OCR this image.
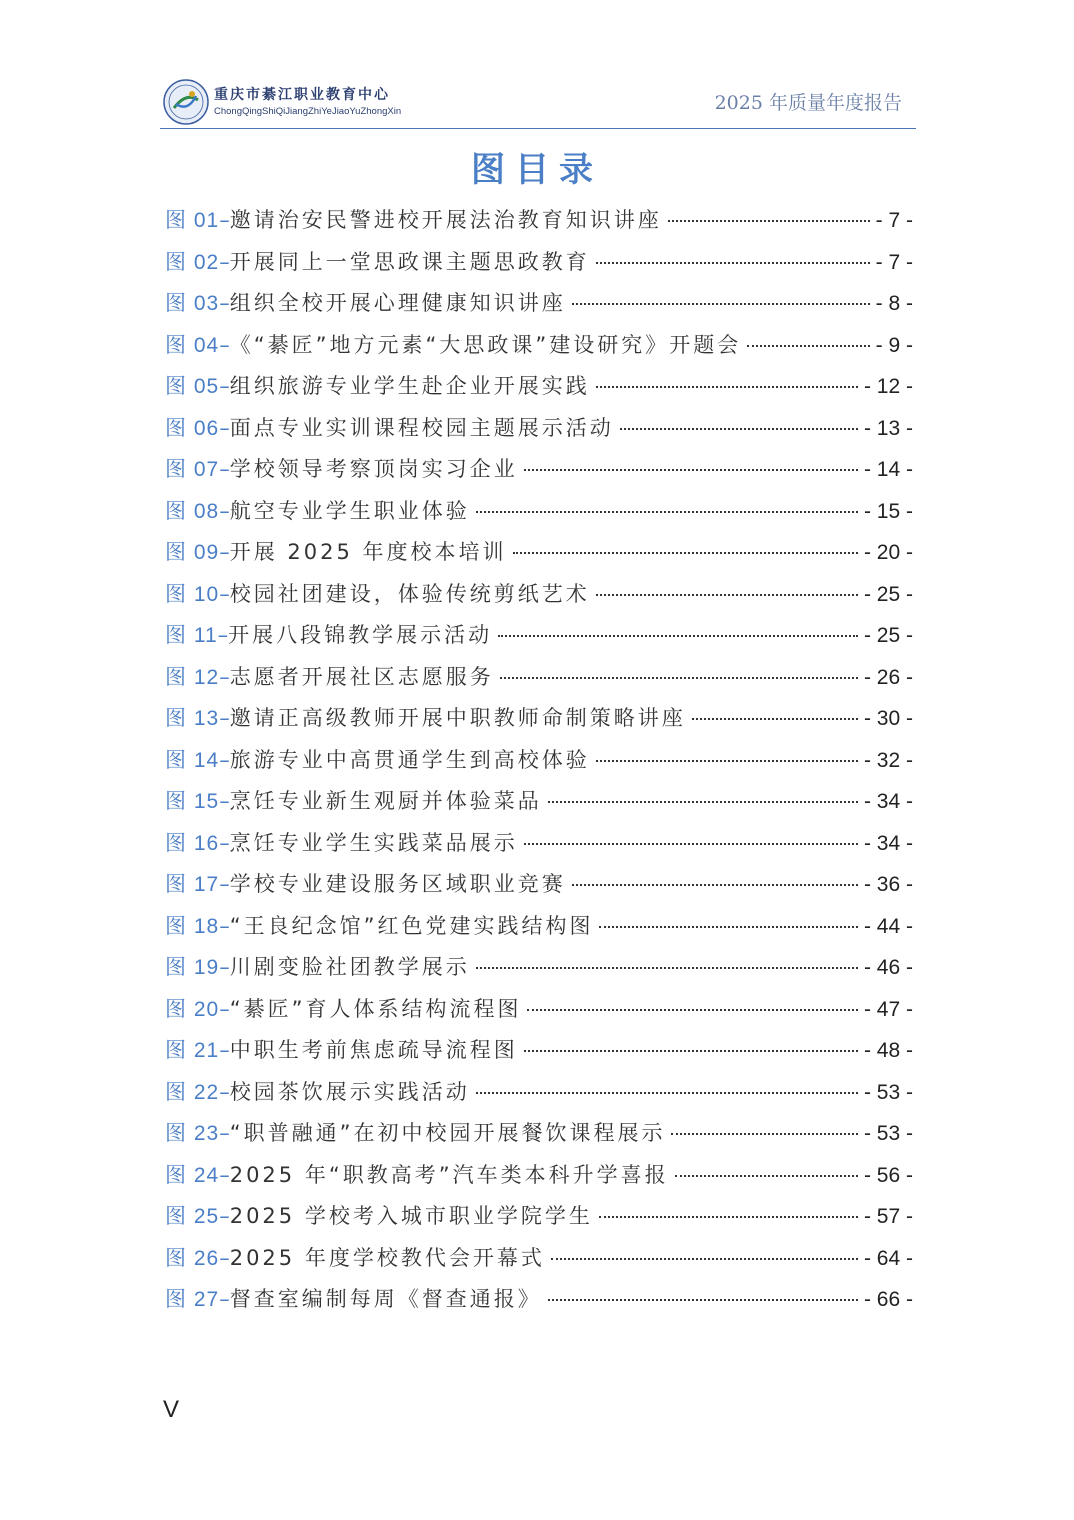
重庆市綦江职业教育中心
ChongQingShiQiJiangZhiYeJiaoYuZhongXin	2025 年质量年度报告
图目录
图 01 – 邀请治安民警进校开展法治教育知识讲座	- 7 -
图 02 – 开展同上一堂思政课主题思政教育	- 7 -
图 03 – 组织全校开展心理健康知识讲座	- 8 -
图 04 – 《“綦匠”地方元素“大思政课”建设研究》开题会	- 9 -
图 05 – 组织旅游专业学生赴企业开展实践	- 12 -
图 06 – 面点专业实训课程校园主题展示活动	- 13 -
图 07 – 学校领导考察顶岗实习企业	- 14 -
图 08 – 航空专业学生职业体验	- 15 -
图 09 – 开展 2025 年度校本培训	- 20 -
图 10 – 校园社团建设，体验传统剪纸艺术	- 25 -
图 11 – 开展八段锦教学展示活动	- 25 -
图 12 – 志愿者开展社区志愿服务	- 26 -
图 13 – 邀请正高级教师开展中职教师命制策略讲座	- 30 -
图 14 – 旅游专业中高贯通学生到高校体验	- 32 -
图 15 – 烹饪专业新生观厨并体验菜品	- 34 -
图 16 – 烹饪专业学生实践菜品展示	- 34 -
图 17 – 学校专业建设服务区域职业竞赛	- 36 -
图 18 – “王良纪念馆”红色党建实践结构图	- 44 -
图 19 – 川剧变脸社团教学展示	- 46 -
图 20 – “綦匠”育人体系结构流程图	- 47 -
图 21 – 中职生考前焦虑疏导流程图	- 48 -
图 22 – 校园茶饮展示实践活动	- 53 -
图 23 – “职普融通”在初中校园开展餐饮课程展示	- 53 -
图 24 – 2025 年“职教高考”汽车类本科升学喜报	- 56 -
图 25 – 2025 学校考入城市职业学院学生	- 57 -
图 26 – 2025 年度学校教代会开幕式	- 64 -
图 27 – 督查室编制每周《督查通报》	- 66 -
V
